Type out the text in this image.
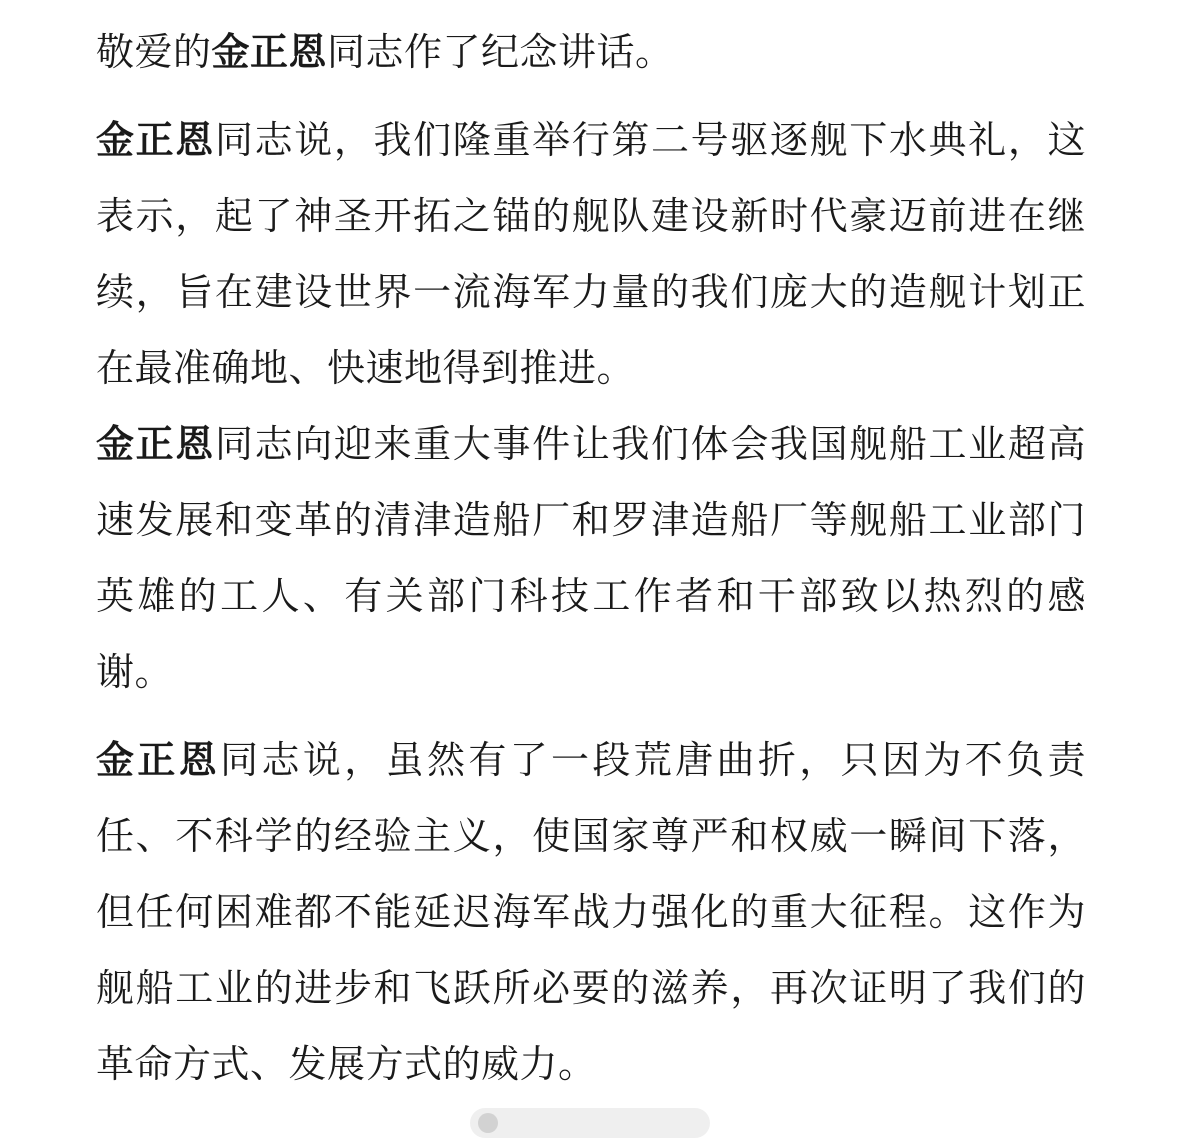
敬爱的金正恩同志作了纪念讲话。

金正恩同志说，我们隆重举行第二号驱逐舰下水典礼，这表示，起了神圣开拓之锚的舰队建设新时代豪迈前进在继续，旨在建设世界一流海军力量的我们庞大的造舰计划正在最准确地、快速地得到推进。

金正恩同志向迎来重大事件让我们体会我国舰船工业超高速发展和变革的清津造船厂和罗津造船厂等舰船工业部门英雄的工人、有关部门科技工作者和干部致以热烈的感谢。

金正恩同志说，虽然有了一段荒唐曲折，只因为不负责任、不科学的经验主义，使国家尊严和权威一瞬间下落，但任何困难都不能延迟海军战力强化的重大征程。这作为舰船工业的进步和飞跃所必要的滋养，再次证明了我们的革命方式、发展方式的威力。
